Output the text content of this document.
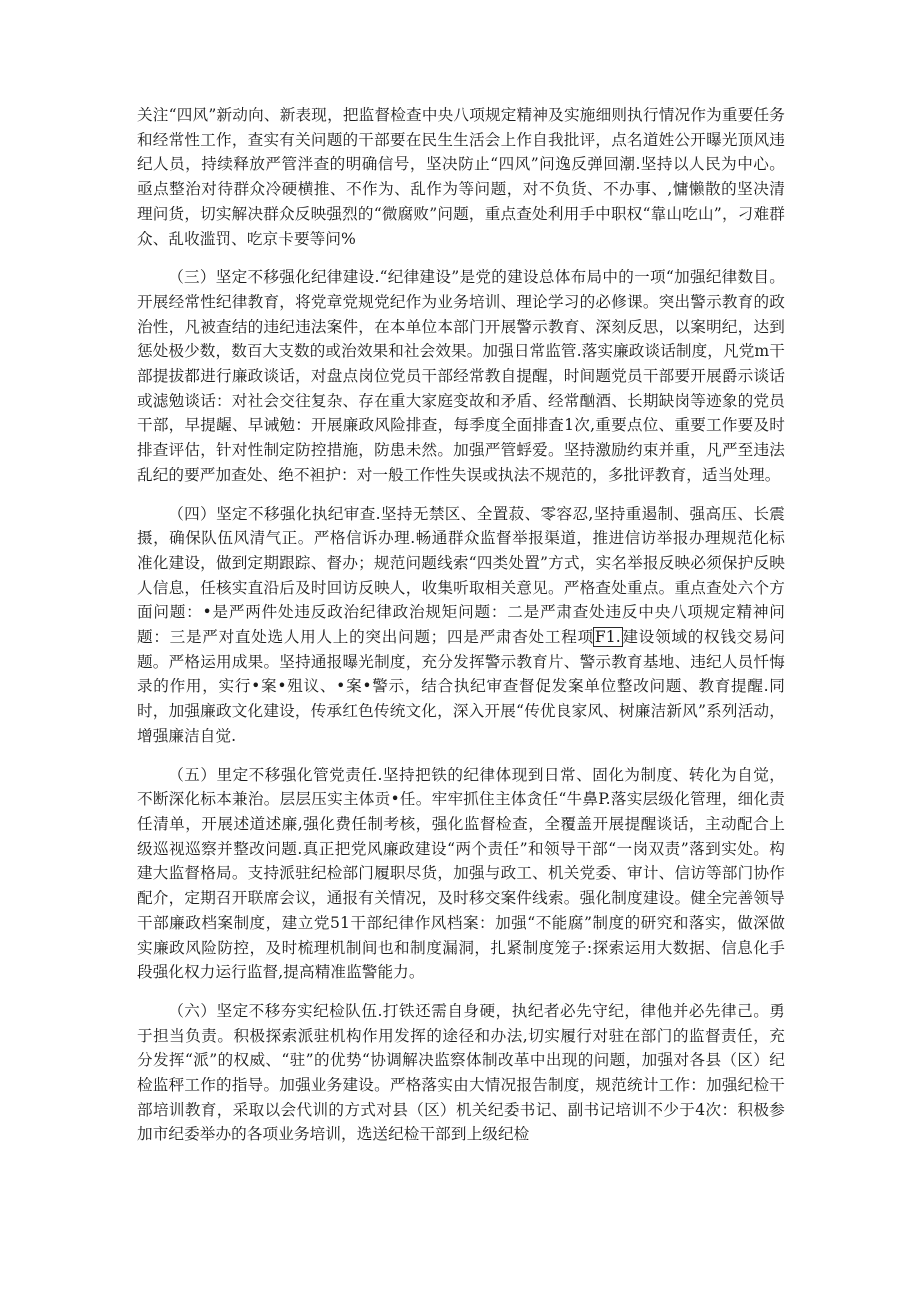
关注“四风”新动向、新表现，把监督检查中央八项规定精神及实施细则执行情况作为重要任务和经常性工作，查实有关问题的干部要在民生生活会上作自我批评，点名道姓公开曝光顶风违纪人员，持续释放严管泮查的明确信号，坚决防止“四风”问逸反弹回潮.坚持以人民为中心。亟点整治对待群众冷硬横推、不作为、乱作为等问题，对不负货、不办事、,慵懒散的坚决清理问货，切实解决群众反映强烈的“微腐败”问题，重点查处利用手中职权“靠山吃山”，刁难群众、乱收滥罚、吃京卡要等问%

（三）坚定不移强化纪律建设.“纪律建设”是党的建设总体布局中的一项“加强纪律数目。开展经常性纪律教育，将党章党规党纪作为业务培训、理论学习的必修课。突出警示教育的政治性，凡被查结的违纪违法案件，在本单位本部门开展警示教育、深刻反思，以案明纪，达到惩处极少数，数百大支数的或治效果和社会效果。加强日常监管.落实廉政谈话制度，凡党m干部提拔都进行廉政谈话，对盘点岗位党员干部经常教自提醒，时间题党员干部要开展爵示谈话或滤勉谈话：对社会交往复杂、存在重大家庭变故和矛盾、经常酗酒、长期缺岗等迹象的党员干部，早提龌、早诫勉：开展廉政风险排查，每季度全面排査1次,重要点位、重要工作要及时排查评估，针对性制定防控措施，防患未然。加强严管蜉爱。坚持激励约束并重，凡严至违法乱纪的要严加查处、绝不袒护：对一般工作性失误或执法不规范的，多批评教育，适当处理。

（四）坚定不移强化执纪审查.坚持无禁区、全置菽、零容忍,坚持重遏制、强高压、长震摄，确保队伍风清气正。严格信诉办理.畅通群众监督举报渠道，推进信访举报办理规范化标准化建设，做到定期跟踪、督办；规范问题线索“四类处置”方式，实名举报反映必须保护反映人信息，任核实直沿后及时回访反映人，收集听取相关意见。严格查处重点。重点查处六个方面问题：•是严两件处违反政治纪律政治规矩问题：二是严肃查处违反中央八项规定精神问题：三是严对直处选人用人上的突出问题；四是严肃杳处工程项F1.建设领域的权钱交易问题。严格运用成果。坚持通报曝光制度，充分发挥警示教育片、警示教育基地、违纪人员忏悔录的作用，实行•案•殂议、•案•警示，结合执纪审查督促发案单位整改问题、教育提醒.同时，加强廉政文化建设，传承红色传统文化，深入开展“传优良家风、树廉洁新风”系列活动，增强廉洁自觉.

（五）里定不移强化管党责任.坚持把铁的纪律体现到日常、固化为制度、转化为自觉，不断深化标本兼治。层层压实主体贡•任。牢牢抓住主体贪任“牛鼻P.落实层级化管理，细化责任清单，开展述道述廉,强化费任制考核，强化监督检查，全覆盖开展提醒谈话，主动配合上级巡视巡察并整改问题.真正把党风廉政建设“两个责任”和领导干部“一岗双责”落到实处。构建大监督格局。支持派驻纪检部门履职尽货，加强与政工、机关党委、审计、信访等部门协作配介，定期召开联席会议，通报有关情况，及时移交案件线索。强化制度建设。健全完善领导干部廉政档案制度，建立党51干部纪律作风档案：加强“不能腐”制度的研究和落实，做深做实廉政风险防控，及时梳理机制间也和制度漏洞，扎紧制度笼子:探索运用大数据、信息化手段强化权力运行监督,提高精准监警能力。

（六）坚定不移夯实纪检队伍.打铁还需自身硬，执纪者必先守纪，律他并必先律己。勇于担当负责。积极探索派驻机构作用发挥的途径和办法,切实履行对驻在部门的监督责任，充分发挥“派”的权威、“驻”的优势“协调解决监察体制改革中出现的问题，加强对各县（区）纪检监秤工作的指导。加强业务建设。严格落实由大情况报告制度，规范统计工作：加强纪检干部培训教育，采取以会代训的方式对县（区）机关纪委书记、副书记培训不少于4次：积极参加市纪委举办的各项业务培训，选送纪检干部到上级纪检
